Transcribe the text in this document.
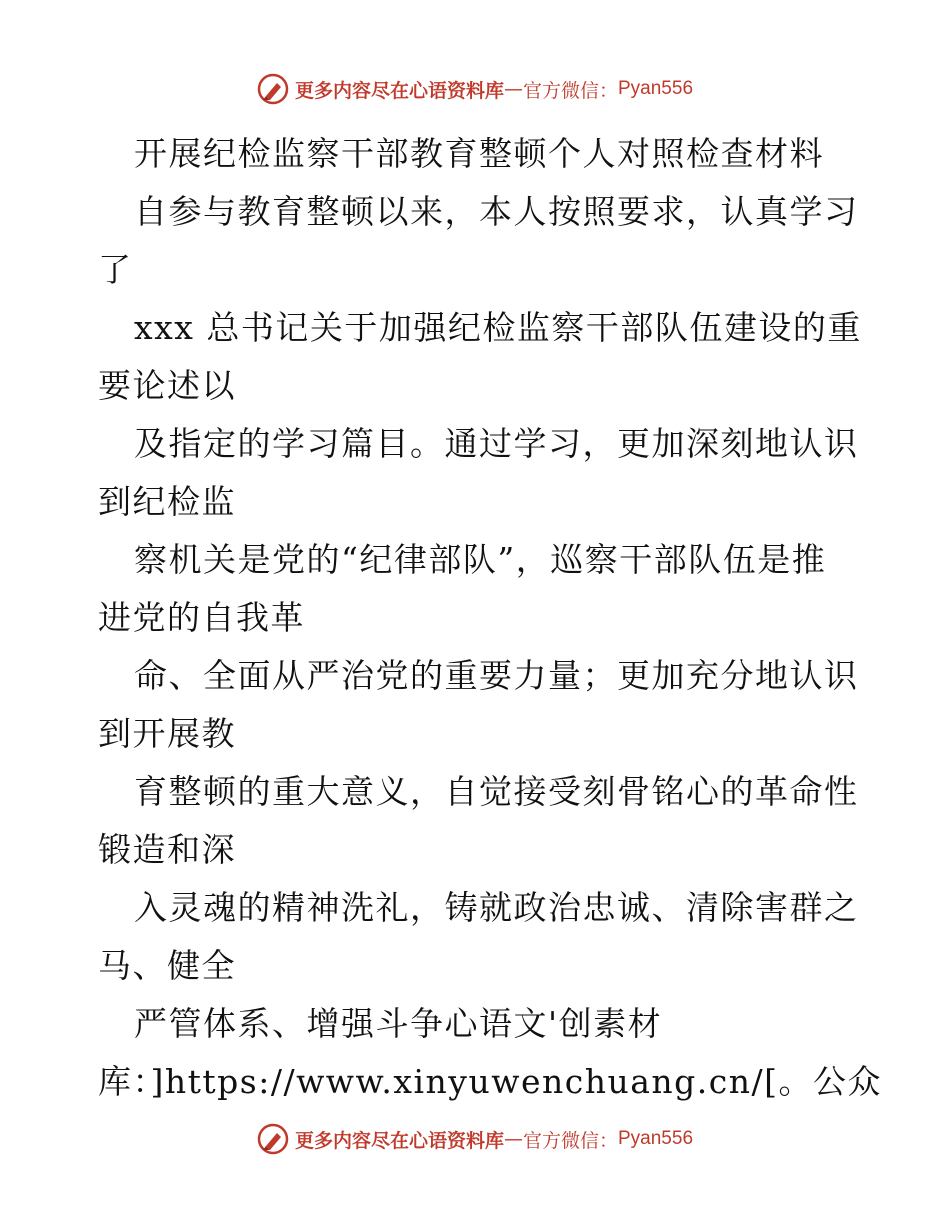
更多内容尽在心语资料库 — 官方微信： Pyan556
开展纪检监察干部教育整顿个人对照检查材料
自参与教育整顿以来，本人按照要求，认真学习
了
xxx 总书记关于加强纪检监察干部队伍建设的重
要论述以
及指定的学习篇目。通过学习，更加深刻地认识
到纪检监
察机关是党的“纪律部队”，巡察干部队伍是推
进党的自我革
命、全面从严治党的重要力量；更加充分地认识
到开展教
育整顿的重大意义，自觉接受刻骨铭心的革命性
锻造和深
入灵魂的精神洗礼，铸就政治忠诚、清除害群之
马、健全
严管体系、增强斗争心语文'创素材
库：]https://www.xinyuwenchuang.cn/[。公众
更多内容尽在心语资料库 — 官方微信： Pyan556
